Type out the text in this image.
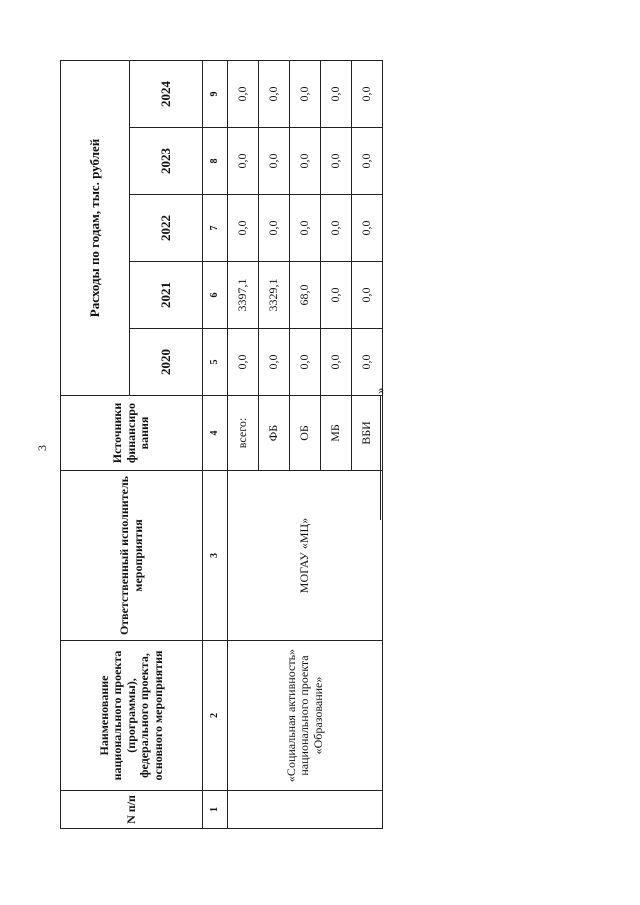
3
N п/п	Наименование национального проекта (программы), федерального проекта, основного мероприятия	Ответственный исполнитель мероприятия	Источники финансиро вания	Расходы по годам, тыс. рублей				
				2020	2021	2022	2023	2024
1	2	3	4	5	6	7	8	9
	«Социальная активность» национального проекта «Образование»	МОГАУ «МЦ»	всего:	0,0	3397,1	0,0	0,0	0,0
			ФБ	0,0	3329,1	0,0	0,0	0,0
			ОБ	0,0	68,0	0,0	0,0	0,0
			МБ	0,0	0,0	0,0	0,0	0,0
			ВБИ	0,0	0,0	0,0	0,0	0,0
»
